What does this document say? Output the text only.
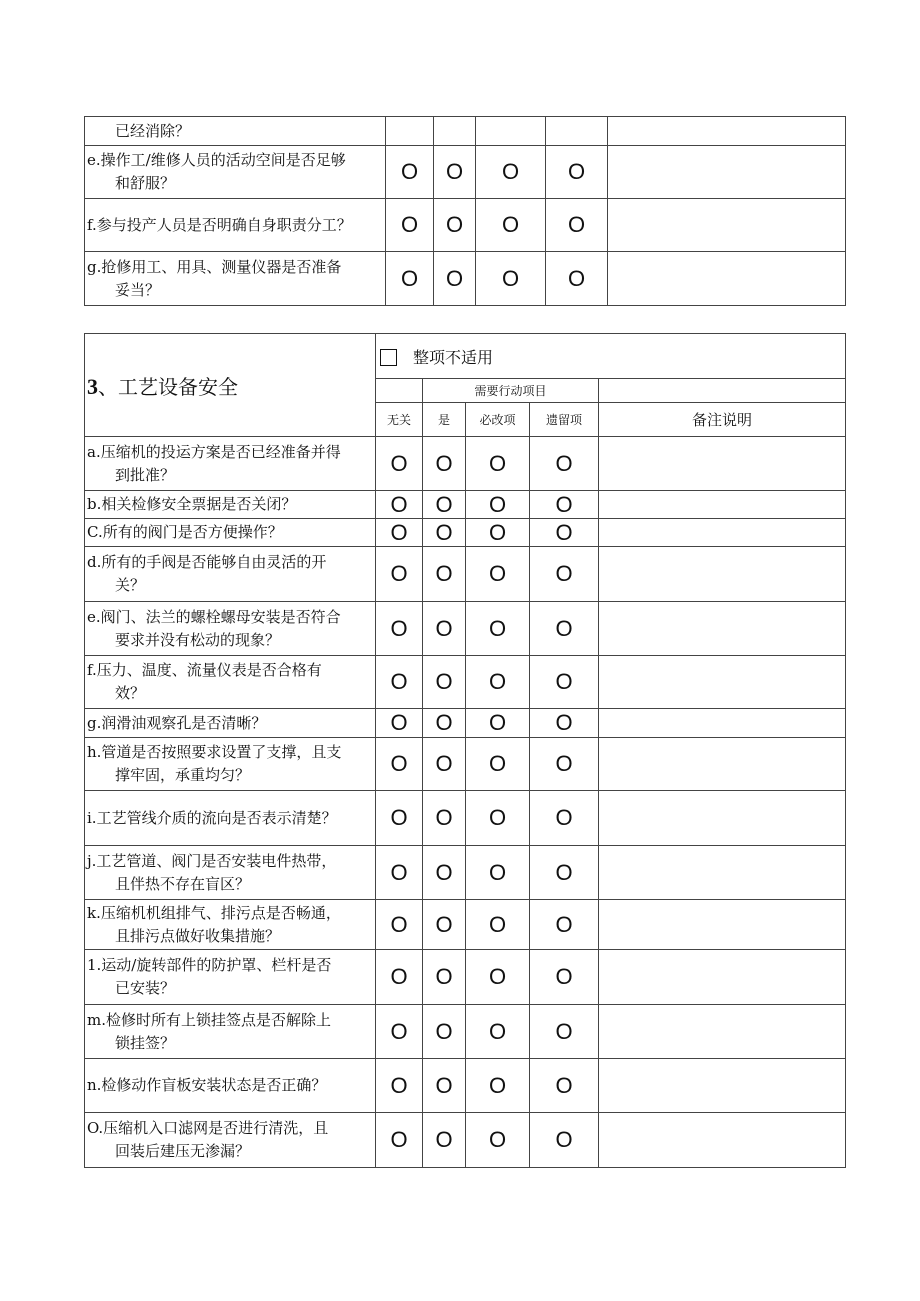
已经消除？					

e.操作工/维修人员的活动空间是否足够
和舒服？	O	O	O	O	

f.参与投产人员是否明确自身职责分工？	O	O	O	O	

g.抢修用工、用具、测量仪器是否准备
妥当？	O	O	O	O	
3、工艺设备安全	整项不适用				
		需要行动项目			
	无关	是	必改项	遗留项	备注说明

a.压缩机的投运方案是否已经准备并得
到批准？	O	O	O	O	

b.相关检修安全票据是否关闭？	O	O	O	O	

C.所有的阀门是否方便操作？	O	O	O	O	

d.所有的手阀是否能够自由灵活的开
关？	O	O	O	O	

e.阀门、法兰的螺栓螺母安装是否符合
要求并没有松动的现象？	O	O	O	O	

f.压力、温度、流量仪表是否合格有
效？	O	O	O	O	

g.润滑油观察孔是否清晰？	O	O	O	O	

h.管道是否按照要求设置了支撑，且支
撑牢固，承重均匀？	O	O	O	O	

i.工艺管线介质的流向是否表示清楚？	O	O	O	O	

j.工艺管道、阀门是否安装电件热带，
且伴热不存在盲区？	O	O	O	O	

k.压缩机机组排气、排污点是否畅通，
且排污点做好收集措施？	O	O	O	O	

1.运动/旋转部件的防护罩、栏杆是否
已安装？	O	O	O	O	

m.检修时所有上锁挂签点是否解除上
锁挂签？	O	O	O	O	

n.检修动作盲板安装状态是否正确？	O	O	O	O	

O.压缩机入口滤网是否进行清洗，且
回装后建压无渗漏？	O	O	O	O	
